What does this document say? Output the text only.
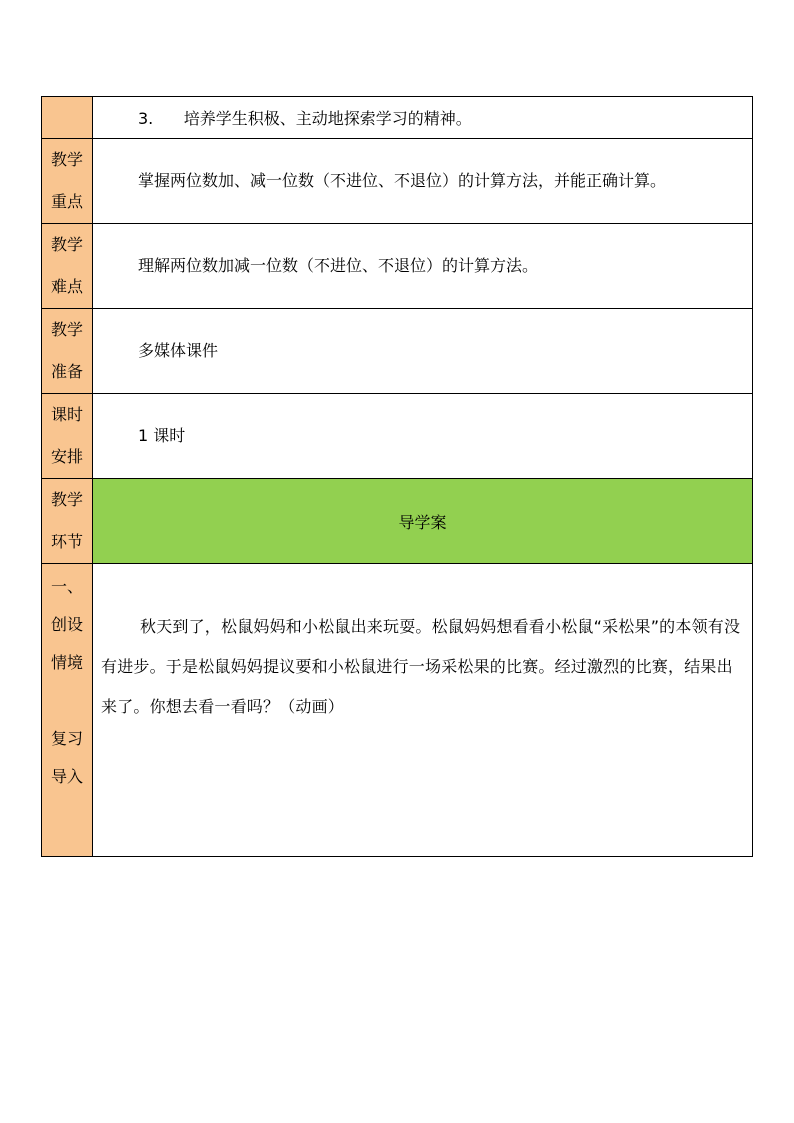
	3. 培养学生积极、主动地探索学习的精神。

教学
重点	掌握两位数加、减一位数（不进位、不退位）的计算方法，并能正确计算。

教学
难点	理解两位数加减一位数（不进位、不退位）的计算方法。

教学
准备	多媒体课件

课时
安排	1 课时

教学
环节	导学案

一、
创设
情境
复习
导入	秋天到了，松鼠妈妈和小松鼠出来玩耍。松鼠妈妈想看看小松鼠“采松果”的本领有没有进步。于是松鼠妈妈提议要和小松鼠进行一场采松果的比赛。经过激烈的比赛，结果出来了。你想去看一看吗？（动画）
